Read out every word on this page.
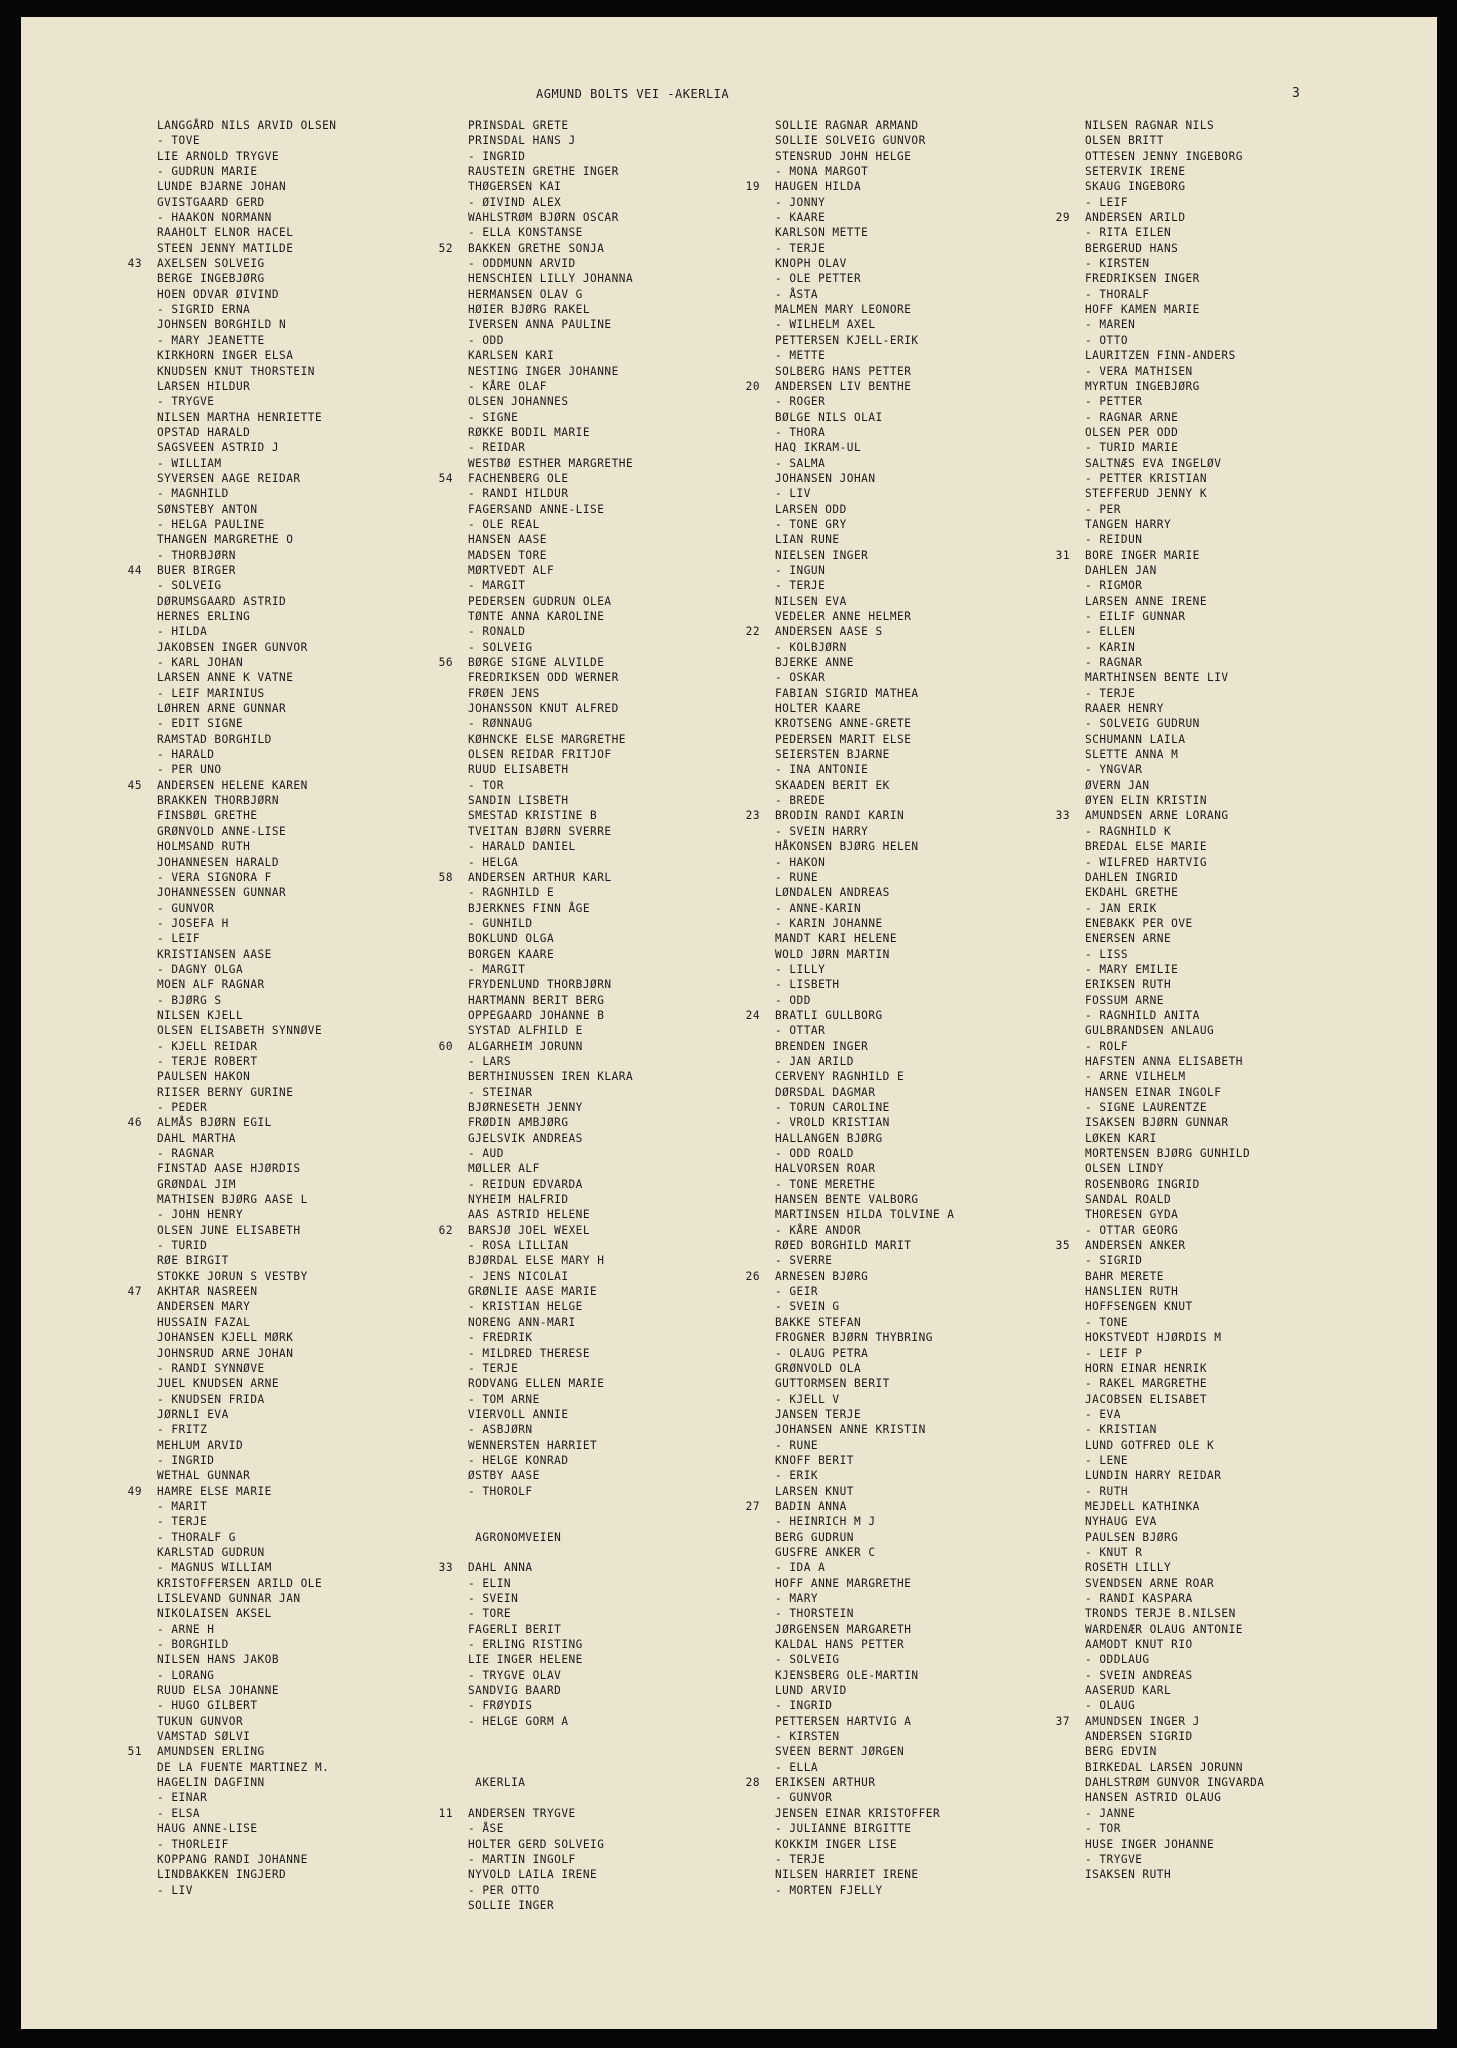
AGMUND BOLTS VEI -AKERLIA	3
LANGGÅRD NILS ARVID OLSEN
- TOVE
LIE ARNOLD TRYGVE
- GUDRUN MARIE
LUNDE BJARNE JOHAN
GVISTGAARD GERD
- HAAKON NORMANN
RAAHOLT ELNOR HACEL
STEEN JENNY MATILDE
43 AXELSEN SOLVEIG
BERGE INGEBJØRG
HOEN ODVAR ØIVIND
- SIGRID ERNA
JOHNSEN BORGHILD N
- MARY JEANETTE
KIRKHORN INGER ELSA
KNUDSEN KNUT THORSTEIN
LARSEN HILDUR
- TRYGVE
NILSEN MARTHA HENRIETTE
OPSTAD HARALD
SAGSVEEN ASTRID J
- WILLIAM
SYVERSEN AAGE REIDAR
- MAGNHILD
SØNSTEBY ANTON
- HELGA PAULINE
THANGEN MARGRETHE O
- THORBJØRN
44 BUER BIRGER
- SOLVEIG
DØRUMSGAARD ASTRID
HERNES ERLING
- HILDA
JAKOBSEN INGER GUNVOR
- KARL JOHAN
LARSEN ANNE K VATNE
- LEIF MARINIUS
LØHREN ARNE GUNNAR
- EDIT SIGNE
RAMSTAD BORGHILD
- HARALD
- PER UNO
45 ANDERSEN HELENE KAREN
BRAKKEN THORBJØRN
FINSBØL GRETHE
GRØNVOLD ANNE-LISE
HOLMSAND RUTH
JOHANNESEN HARALD
- VERA SIGNORA F
JOHANNESSEN GUNNAR
- GUNVOR
- JOSEFA H
- LEIF
KRISTIANSEN AASE
- DAGNY OLGA
MOEN ALF RAGNAR
- BJØRG S
NILSEN KJELL
OLSEN ELISABETH SYNNØVE
- KJELL REIDAR
- TERJE ROBERT
PAULSEN HAKON
RIISER BERNY GURINE
- PEDER
46 ALMÅS BJØRN EGIL
DAHL MARTHA
- RAGNAR
FINSTAD AASE HJØRDIS
GRØNDAL JIM
MATHISEN BJØRG AASE L
- JOHN HENRY
OLSEN JUNE ELISABETH
- TURID
RØE BIRGIT
STOKKE JORUN S VESTBY
47 AKHTAR NASREEN
ANDERSEN MARY
HUSSAIN FAZAL
JOHANSEN KJELL MØRK
JOHNSRUD ARNE JOHAN
- RANDI SYNNØVE
JUEL KNUDSEN ARNE
- KNUDSEN FRIDA
JØRNLI EVA
- FRITZ
MEHLUM ARVID
- INGRID
WETHAL GUNNAR
49 HAMRE ELSE MARIE
- MARIT
- TERJE
- THORALF G
KARLSTAD GUDRUN
- MAGNUS WILLIAM
KRISTOFFERSEN ARILD OLE
LISLEVAND GUNNAR JAN
NIKOLAISEN AKSEL
- ARNE H
- BORGHILD
NILSEN HANS JAKOB
- LORANG
RUUD ELSA JOHANNE
- HUGO GILBERT
TUKUN GUNVOR
VAMSTAD SØLVI
51 AMUNDSEN ERLING
DE LA FUENTE MARTINEZ M.
HAGELIN DAGFINN
- EINAR
- ELSA
HAUG ANNE-LISE
- THORLEIF
KOPPANG RANDI JOHANNE
LINDBAKKEN INGJERD
- LIV
PRINSDAL GRETE
PRINSDAL HANS J
- INGRID
RAUSTEIN GRETHE INGER
THØGERSEN KAI
- ØIVIND ALEX
WAHLSTRØM BJØRN OSCAR
- ELLA KONSTANSE
52 BAKKEN GRETHE SONJA
- ODDMUNN ARVID
HENSCHIEN LILLY JOHANNA
HERMANSEN OLAV G
HØIER BJØRG RAKEL
IVERSEN ANNA PAULINE
- ODD
KARLSEN KARI
NESTING INGER JOHANNE
- KÅRE OLAF
OLSEN JOHANNES
- SIGNE
RØKKE BODIL MARIE
- REIDAR
WESTBØ ESTHER MARGRETHE
54 FACHENBERG OLE
- RANDI HILDUR
FAGERSAND ANNE-LISE
- OLE REAL
HANSEN AASE
MADSEN TORE
MØRTVEDT ALF
- MARGIT
PEDERSEN GUDRUN OLEA
TØNTE ANNA KAROLINE
- RONALD
- SOLVEIG
56 BØRGE SIGNE ALVILDE
FREDRIKSEN ODD WERNER
FRØEN JENS
JOHANSSON KNUT ALFRED
- RØNNAUG
KØHNCKE ELSE MARGRETHE
OLSEN REIDAR FRITJOF
RUUD ELISABETH
- TOR
SANDIN LISBETH
SMESTAD KRISTINE B
TVEITAN BJØRN SVERRE
- HARALD DANIEL
- HELGA
58 ANDERSEN ARTHUR KARL
- RAGNHILD E
BJERKNES FINN ÅGE
- GUNHILD
BOKLUND OLGA
BORGEN KAARE
- MARGIT
FRYDENLUND THORBJØRN
HARTMANN BERIT BERG
OPPEGAARD JOHANNE B
SYSTAD ALFHILD E
60 ALGARHEIM JORUNN
- LARS
BERTHINUSSEN IREN KLARA
- STEINAR
BJØRNESETH JENNY
FRØDIN AMBJØRG
GJELSVIK ANDREAS
- AUD
MØLLER ALF
- REIDUN EDVARDA
NYHEIM HALFRID
AAS ASTRID HELENE
62 BARSJØ JOEL WEXEL
- ROSA LILLIAN
BJØRDAL ELSE MARY H
- JENS NICOLAI
GRØNLIE AASE MARIE
- KRISTIAN HELGE
NORENG ANN-MARI
- FREDRIK
- MILDRED THERESE
- TERJE
RODVANG ELLEN MARIE
- TOM ARNE
VIERVOLL ANNIE
- ASBJØRN
WENNERSTEN HARRIET
- HELGE KONRAD
ØSTBY AASE
- THOROLF
AGRONOMVEIEN
33 DAHL ANNA
- ELIN
- SVEIN
- TORE
FAGERLI BERIT
- ERLING RISTING
LIE INGER HELENE
- TRYGVE OLAV
SANDVIG BAARD
- FRØYDIS
- HELGE GORM A
AKERLIA
11 ANDERSEN TRYGVE
- ÅSE
HOLTER GERD SOLVEIG
- MARTIN INGOLF
NYVOLD LAILA IRENE
- PER OTTO
SOLLIE INGER
SOLLIE RAGNAR ARMAND
SOLLIE SOLVEIG GUNVOR
STENSRUD JOHN HELGE
- MONA MARGOT
19 HAUGEN HILDA
- JONNY
- KAARE
KARLSON METTE
- TERJE
KNOPH OLAV
- OLE PETTER
- ÅSTA
MALMEN MARY LEONORE
- WILHELM AXEL
PETTERSEN KJELL-ERIK
- METTE
SOLBERG HANS PETTER
20 ANDERSEN LIV BENTHE
- ROGER
BØLGE NILS OLAI
- THORA
HAQ IKRAM-UL
- SALMA
JOHANSEN JOHAN
- LIV
LARSEN ODD
- TONE GRY
LIAN RUNE
NIELSEN INGER
- INGUN
- TERJE
NILSEN EVA
VEDELER ANNE HELMER
22 ANDERSEN AASE S
- KOLBJØRN
BJERKE ANNE
- OSKAR
FABIAN SIGRID MATHEA
HOLTER KAARE
KROTSENG ANNE-GRETE
PEDERSEN MARIT ELSE
SEIERSTEN BJARNE
- INA ANTONIE
SKAADEN BERIT EK
- BREDE
23 BRODIN RANDI KARIN
- SVEIN HARRY
HÅKONSEN BJØRG HELEN
- HAKON
- RUNE
LØNDALEN ANDREAS
- ANNE-KARIN
- KARIN JOHANNE
MANDT KARI HELENE
WOLD JØRN MARTIN
- LILLY
- LISBETH
- ODD
24 BRATLI GULLBORG
- OTTAR
BRENDEN INGER
- JAN ARILD
CERVENY RAGNHILD E
DØRSDAL DAGMAR
- TORUN CAROLINE
- VROLD KRISTIAN
HALLANGEN BJØRG
- ODD ROALD
HALVORSEN ROAR
- TONE MERETHE
HANSEN BENTE VALBORG
MARTINSEN HILDA TOLVINE A
- KÅRE ANDOR
RØED BORGHILD MARIT
- SVERRE
26 ARNESEN BJØRG
- GEIR
- SVEIN G
BAKKE STEFAN
FROGNER BJØRN THYBRING
- OLAUG PETRA
GRØNVOLD OLA
GUTTORMSEN BERIT
- KJELL V
JANSEN TERJE
JOHANSEN ANNE KRISTIN
- RUNE
KNOFF BERIT
- ERIK
LARSEN KNUT
27 BADIN ANNA
- HEINRICH M J
BERG GUDRUN
GUSFRE ANKER C
- IDA A
HOFF ANNE MARGRETHE
- MARY
- THORSTEIN
JØRGENSEN MARGARETH
KALDAL HANS PETTER
- SOLVEIG
KJENSBERG OLE-MARTIN
LUND ARVID
- INGRID
PETTERSEN HARTVIG A
- KIRSTEN
SVEEN BERNT JØRGEN
- ELLA
28 ERIKSEN ARTHUR
- GUNVOR
JENSEN EINAR KRISTOFFER
- JULIANNE BIRGITTE
KOKKIM INGER LISE
- TERJE
NILSEN HARRIET IRENE
- MORTEN FJELLY
NILSEN RAGNAR NILS
OLSEN BRITT
OTTESEN JENNY INGEBORG
SETERVIK IRENE
SKAUG INGEBORG
- LEIF
29 ANDERSEN ARILD
- RITA EILEN
BERGERUD HANS
- KIRSTEN
FREDRIKSEN INGER
- THORALF
HOFF KAMEN MARIE
- MAREN
- OTTO
LAURITZEN FINN-ANDERS
- VERA MATHISEN
MYRTUN INGEBJØRG
- PETTER
- RAGNAR ARNE
OLSEN PER ODD
- TURID MARIE
SALTNÆS EVA INGELØV
- PETTER KRISTIAN
STEFFERUD JENNY K
- PER
TANGEN HARRY
- REIDUN
31 BORE INGER MARIE
DAHLEN JAN
- RIGMOR
LARSEN ANNE IRENE
- EILIF GUNNAR
- ELLEN
- KARIN
- RAGNAR
MARTHINSEN BENTE LIV
- TERJE
RAAER HENRY
- SOLVEIG GUDRUN
SCHUMANN LAILA
SLETTE ANNA M
- YNGVAR
ØVERN JAN
ØYEN ELIN KRISTIN
33 AMUNDSEN ARNE LORANG
- RAGNHILD K
BREDAL ELSE MARIE
- WILFRED HARTVIG
DAHLEN INGRID
EKDAHL GRETHE
- JAN ERIK
ENEBAKK PER OVE
ENERSEN ARNE
- LISS
- MARY EMILIE
ERIKSEN RUTH
FOSSUM ARNE
- RAGNHILD ANITA
GULBRANDSEN ANLAUG
- ROLF
HAFSTEN ANNA ELISABETH
- ARNE VILHELM
HANSEN EINAR INGOLF
- SIGNE LAURENTZE
ISAKSEN BJØRN GUNNAR
LØKEN KARI
MORTENSEN BJØRG GUNHILD
OLSEN LINDY
ROSENBORG INGRID
SANDAL ROALD
THORESEN GYDA
- OTTAR GEORG
35 ANDERSEN ANKER
- SIGRID
BAHR MERETE
HANSLIEN RUTH
HOFFSENGEN KNUT
- TONE
HOKSTVEDT HJØRDIS M
- LEIF P
HORN EINAR HENRIK
- RAKEL MARGRETHE
JACOBSEN ELISABET
- EVA
- KRISTIAN
LUND GOTFRED OLE K
- LENE
LUNDIN HARRY REIDAR
- RUTH
MEJDELL KATHINKA
NYHAUG EVA
PAULSEN BJØRG
- KNUT R
ROSETH LILLY
SVENDSEN ARNE ROAR
- RANDI KASPARA
TRONDS TERJE B.NILSEN
WARDENÆR OLAUG ANTONIE
AAMODT KNUT RIO
- ODDLAUG
- SVEIN ANDREAS
AASERUD KARL
- OLAUG
37 AMUNDSEN INGER J
ANDERSEN SIGRID
BERG EDVIN
BIRKEDAL LARSEN JORUNN
DAHLSTRØM GUNVOR INGVARDA
HANSEN ASTRID OLAUG
- JANNE
- TOR
HUSE INGER JOHANNE
- TRYGVE
ISAKSEN RUTH
